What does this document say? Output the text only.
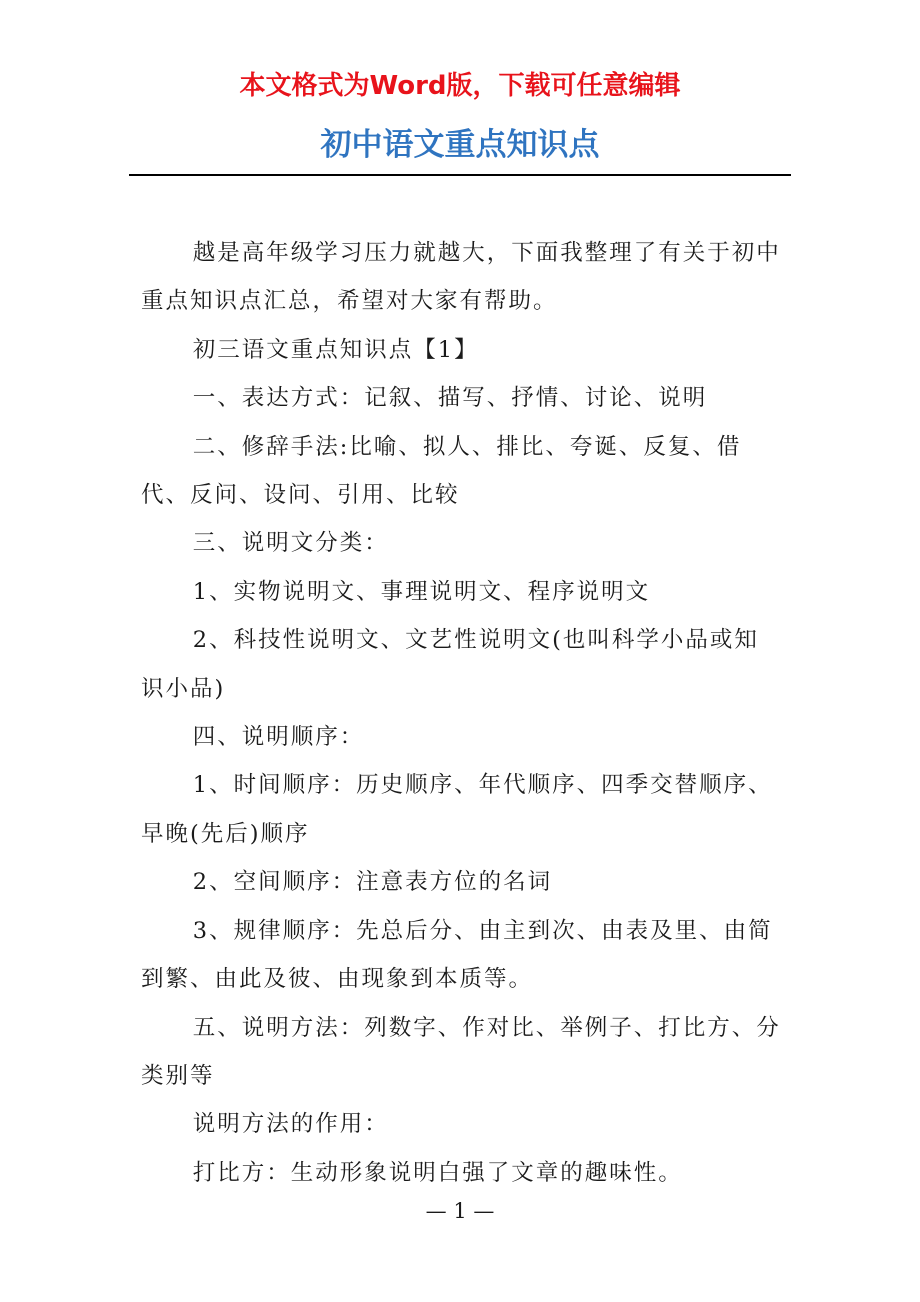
本文格式为Word版，下载可任意编辑
初中语文重点知识点

越是高年级学习压力就越大，下面我整理了有关于初中重点知识点汇总，希望对大家有帮助。

初三语文重点知识点【1】

一、表达方式：记叙、描写、抒情、讨论、说明

二、修辞手法:比喻、拟人、排比、夸诞、反复、借代、反问、设问、引用、比较

三、说明文分类：

1、实物说明文、事理说明文、程序说明文

2、科技性说明文、文艺性说明文(也叫科学小品或知识小品)

四、说明顺序：

1、时间顺序：历史顺序、年代顺序、四季交替顺序、早晚(先后)顺序

2、空间顺序：注意表方位的名词

3、规律顺序：先总后分、由主到次、由表及里、由简到繁、由此及彼、由现象到本质等。

五、说明方法：列数字、作对比、举例子、打比方、分类别等

说明方法的作用：

打比方：生动形象说明白强了文章的趣味性。

— 1 —
